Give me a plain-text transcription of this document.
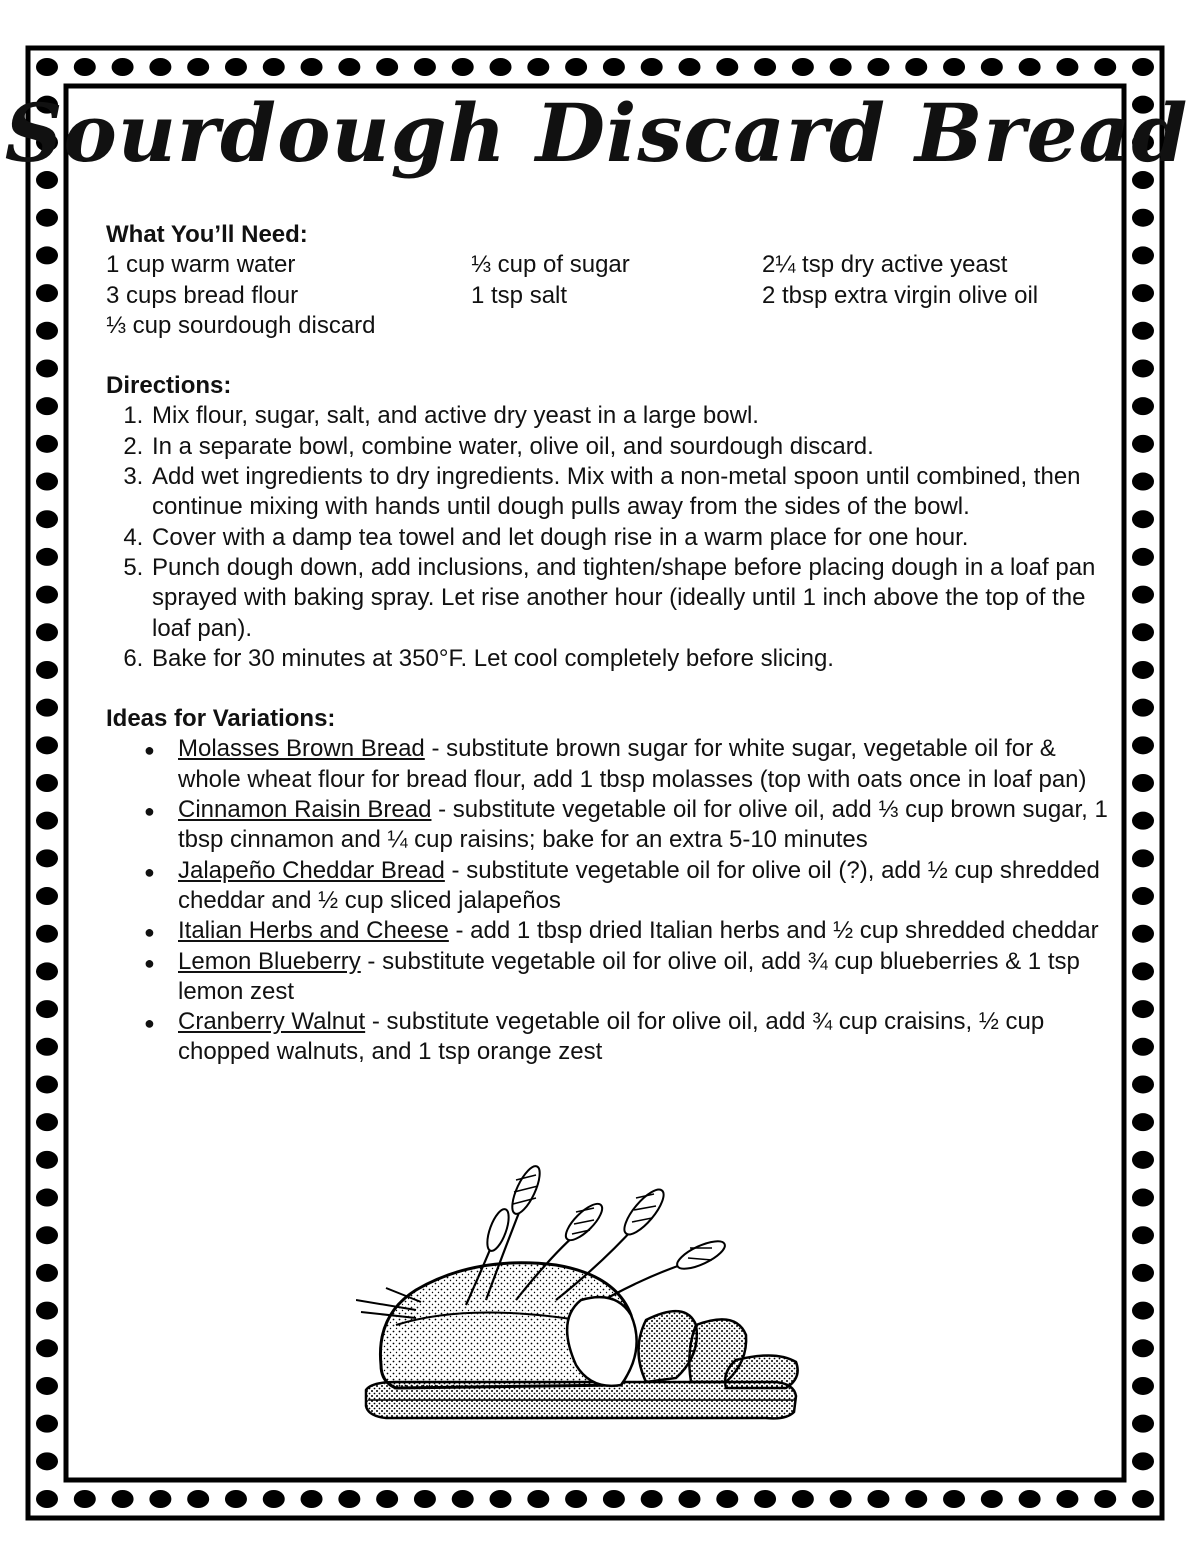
Sourdough Discard Bread

What You’ll Need:

1 cup warm water	⅓ cup of sugar	2¼ tsp dry active yeast
3 cups bread flour	1 tsp salt	2 tbsp extra virgin olive oil
⅓ cup sourdough discard

Directions:

1. Mix flour, sugar, salt, and active dry yeast in a large bowl.
2. In a separate bowl, combine water, olive oil, and sourdough discard.
3. Add wet ingredients to dry ingredients. Mix with a non-metal spoon until combined, then continue mixing with hands until dough pulls away from the sides of the bowl.
4. Cover with a damp tea towel and let dough rise in a warm place for one hour.
5. Punch dough down, add inclusions, and tighten/shape before placing dough in a loaf pan sprayed with baking spray. Let rise another hour (ideally until 1 inch above the top of the loaf pan).
6. Bake for 30 minutes at 350°F. Let cool completely before slicing.

Ideas for Variations:

● Molasses Brown Bread - substitute brown sugar for white sugar, vegetable oil for & whole wheat flour for bread flour, add 1 tbsp molasses (top with oats once in loaf pan)
● Cinnamon Raisin Bread - substitute vegetable oil for olive oil, add ⅓ cup brown sugar, 1 tbsp cinnamon and ¼ cup raisins; bake for an extra 5-10 minutes
● Jalapeño Cheddar Bread - substitute vegetable oil for olive oil (?), add ½ cup shredded cheddar and ½ cup sliced jalapeños
● Italian Herbs and Cheese - add 1 tbsp dried Italian herbs and ½ cup shredded cheddar
● Lemon Blueberry - substitute vegetable oil for olive oil, add ¾ cup blueberries & 1 tsp lemon zest
● Cranberry Walnut - substitute vegetable oil for olive oil, add ¾ cup craisins, ½ cup chopped walnuts, and 1 tsp orange zest
